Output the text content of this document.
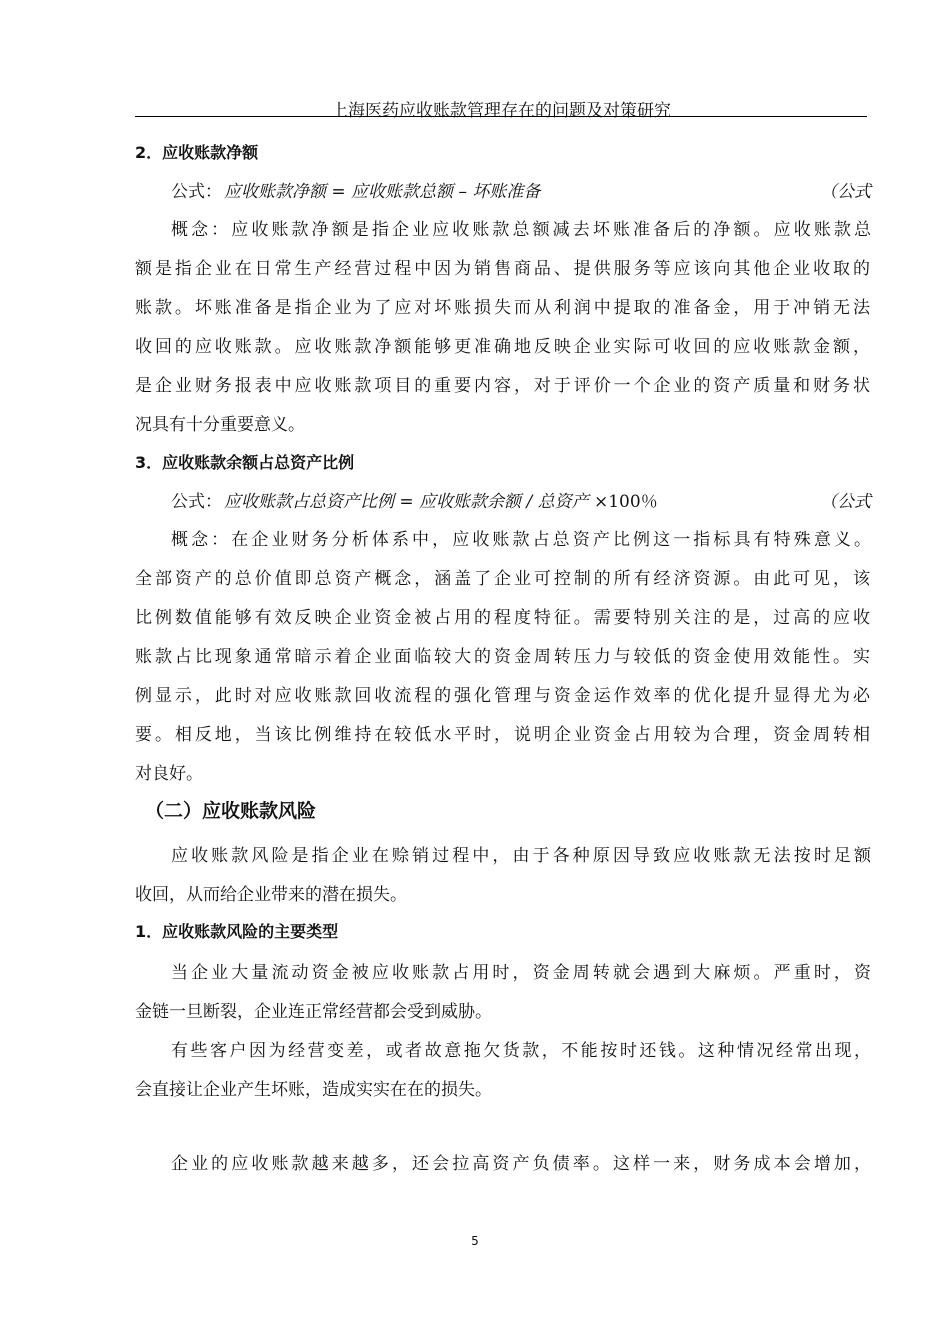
上海医药应收账款管理存在的问题及对策研究
2．应收账款净额
公式： 应收账款净额 = 应收账款总额 – 坏账准备	（公式
概念：应收账款净额是指企业应收账款总额减去坏账准备后的净额。应收账款总
额是指企业在日常生产经营过程中因为销售商品、提供服务等应该向其他企业收取的
账款。坏账准备是指企业为了应对坏账损失而从利润中提取的准备金，用于冲销无法
收回的应收账款。应收账款净额能够更准确地反映企业实际可收回的应收账款金额，
是企业财务报表中应收账款项目的重要内容，对于评价一个企业的资产质量和财务状
况具有十分重要意义。
3．应收账款余额占总资产比例
公式： 应收账款占总资产比例 = 应收账款余额 / 总资产 ×100％	（公式
概念：在企业财务分析体系中，应收账款占总资产比例这一指标具有特殊意义。
全部资产的总价值即总资产概念，涵盖了企业可控制的所有经济资源。由此可见，该
比例数值能够有效反映企业资金被占用的程度特征。需要特别关注的是，过高的应收
账款占比现象通常暗示着企业面临较大的资金周转压力与较低的资金使用效能性。实
例显示，此时对应收账款回收流程的强化管理与资金运作效率的优化提升显得尤为必
要。相反地，当该比例维持在较低水平时，说明企业资金占用较为合理，资金周转相
对良好。
（二）应收账款风险
应收账款风险是指企业在赊销过程中，由于各种原因导致应收账款无法按时足额
收回，从而给企业带来的潜在损失。
1．应收账款风险的主要类型
当企业大量流动资金被应收账款占用时，资金周转就会遇到大麻烦。严重时，资
金链一旦断裂，企业连正常经营都会受到威胁。
有些客户因为经营变差，或者故意拖欠货款，不能按时还钱。这种情况经常出现，
会直接让企业产生坏账，造成实实在在的损失。
企业的应收账款越来越多，还会拉高资产负债率。这样一来，财务成本会增加，
5
